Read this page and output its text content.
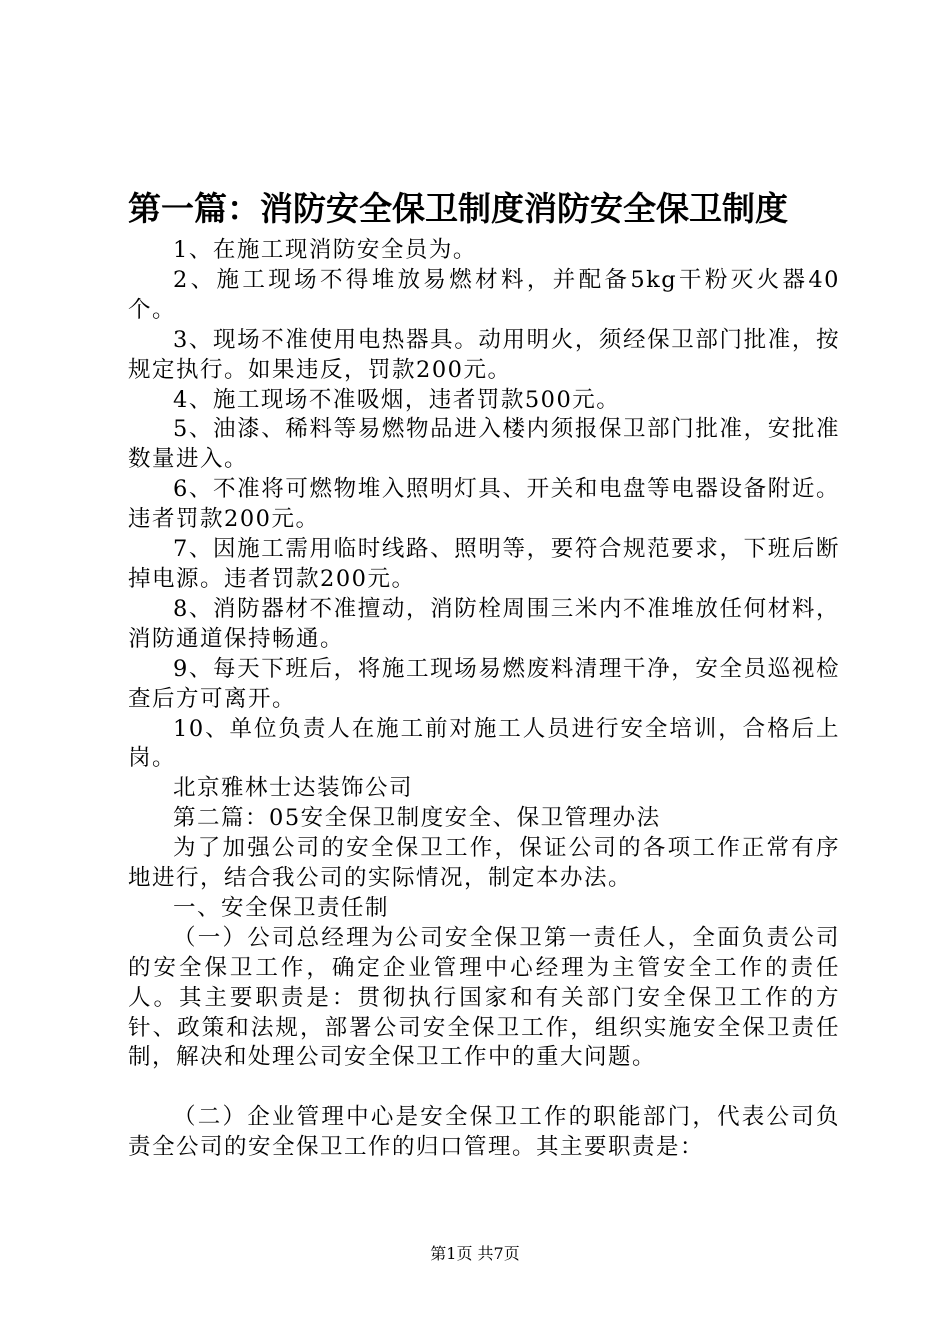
第一篇：消防安全保卫制度消防安全保卫制度

1、在施工现消防安全员为。

2、施工现场不得堆放易燃材料，并配备5kg干粉灭火器40个。

3、现场不准使用电热器具。动用明火，须经保卫部门批准，按规定执行。如果违反，罚款200元。

4、施工现场不准吸烟，违者罚款500元。

5、油漆、稀料等易燃物品进入楼内须报保卫部门批准，安批准数量进入。

6、不准将可燃物堆入照明灯具、开关和电盘等电器设备附近。违者罚款200元。

7、因施工需用临时线路、照明等，要符合规范要求，下班后断掉电源。违者罚款200元。

8、消防器材不准擅动，消防栓周围三米内不准堆放任何材料，消防通道保持畅通。

9、每天下班后，将施工现场易燃废料清理干净，安全员巡视检查后方可离开。

10、单位负责人在施工前对施工人员进行安全培训，合格后上岗。

北京雅林士达装饰公司

第二篇：05安全保卫制度安全、保卫管理办法

为了加强公司的安全保卫工作，保证公司的各项工作正常有序地进行，结合我公司的实际情况，制定本办法。

一、安全保卫责任制

（一）公司总经理为公司安全保卫第一责任人，全面负责公司的安全保卫工作，确定企业管理中心经理为主管安全工作的责任人。其主要职责是：贯彻执行国家和有关部门安全保卫工作的方针、政策和法规，部署公司安全保卫工作，组织实施安全保卫责任制，解决和处理公司安全保卫工作中的重大问题。

（二）企业管理中心是安全保卫工作的职能部门，代表公司负责全公司的安全保卫工作的归口管理。其主要职责是：

第1页 共7页
